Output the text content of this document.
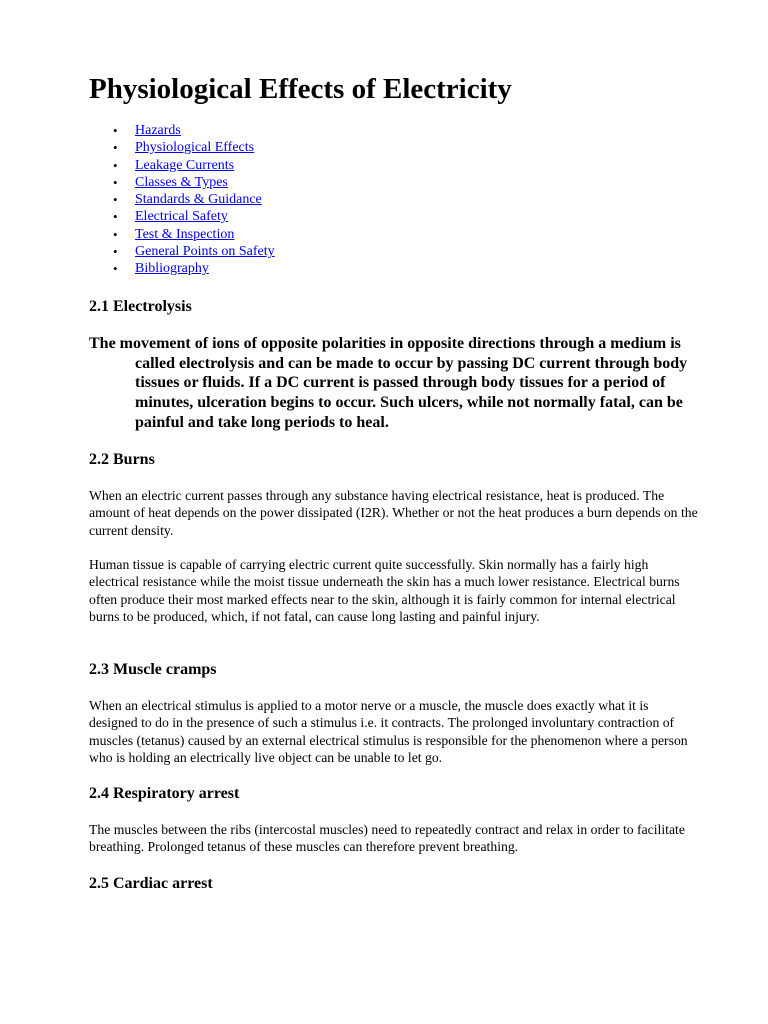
Physiological Effects of Electricity
• Hazards
• Physiological Effects
• Leakage Currents
• Classes & Types
• Standards & Guidance
• Electrical Safety
• Test & Inspection
• General Points on Safety
• Bibliography
2.1 Electrolysis

The movement of ions of opposite polarities in opposite directions through a medium is called electrolysis and can be made to occur by passing DC current through body tissues or fluids. If a DC current is passed through body tissues for a period of minutes, ulceration begins to occur. Such ulcers, while not normally fatal, can be painful and take long periods to heal.

2.2 Burns

When an electric current passes through any substance having electrical resistance, heat is produced. The amount of heat depends on the power dissipated (I2R). Whether or not the heat produces a burn depends on the current density.

Human tissue is capable of carrying electric current quite successfully. Skin normally has a fairly high electrical resistance while the moist tissue underneath the skin has a much lower resistance. Electrical burns often produce their most marked effects near to the skin, although it is fairly common for internal electrical burns to be produced, which, if not fatal, can cause long lasting and painful injury.

2.3 Muscle cramps

When an electrical stimulus is applied to a motor nerve or a muscle, the muscle does exactly what it is designed to do in the presence of such a stimulus i.e. it contracts. The prolonged involuntary contraction of muscles (tetanus) caused by an external electrical stimulus is responsible for the phenomenon where a person who is holding an electrically live object can be unable to let go.

2.4 Respiratory arrest

The muscles between the ribs (intercostal muscles) need to repeatedly contract and relax in order to facilitate breathing. Prolonged tetanus of these muscles can therefore prevent breathing.

2.5 Cardiac arrest
